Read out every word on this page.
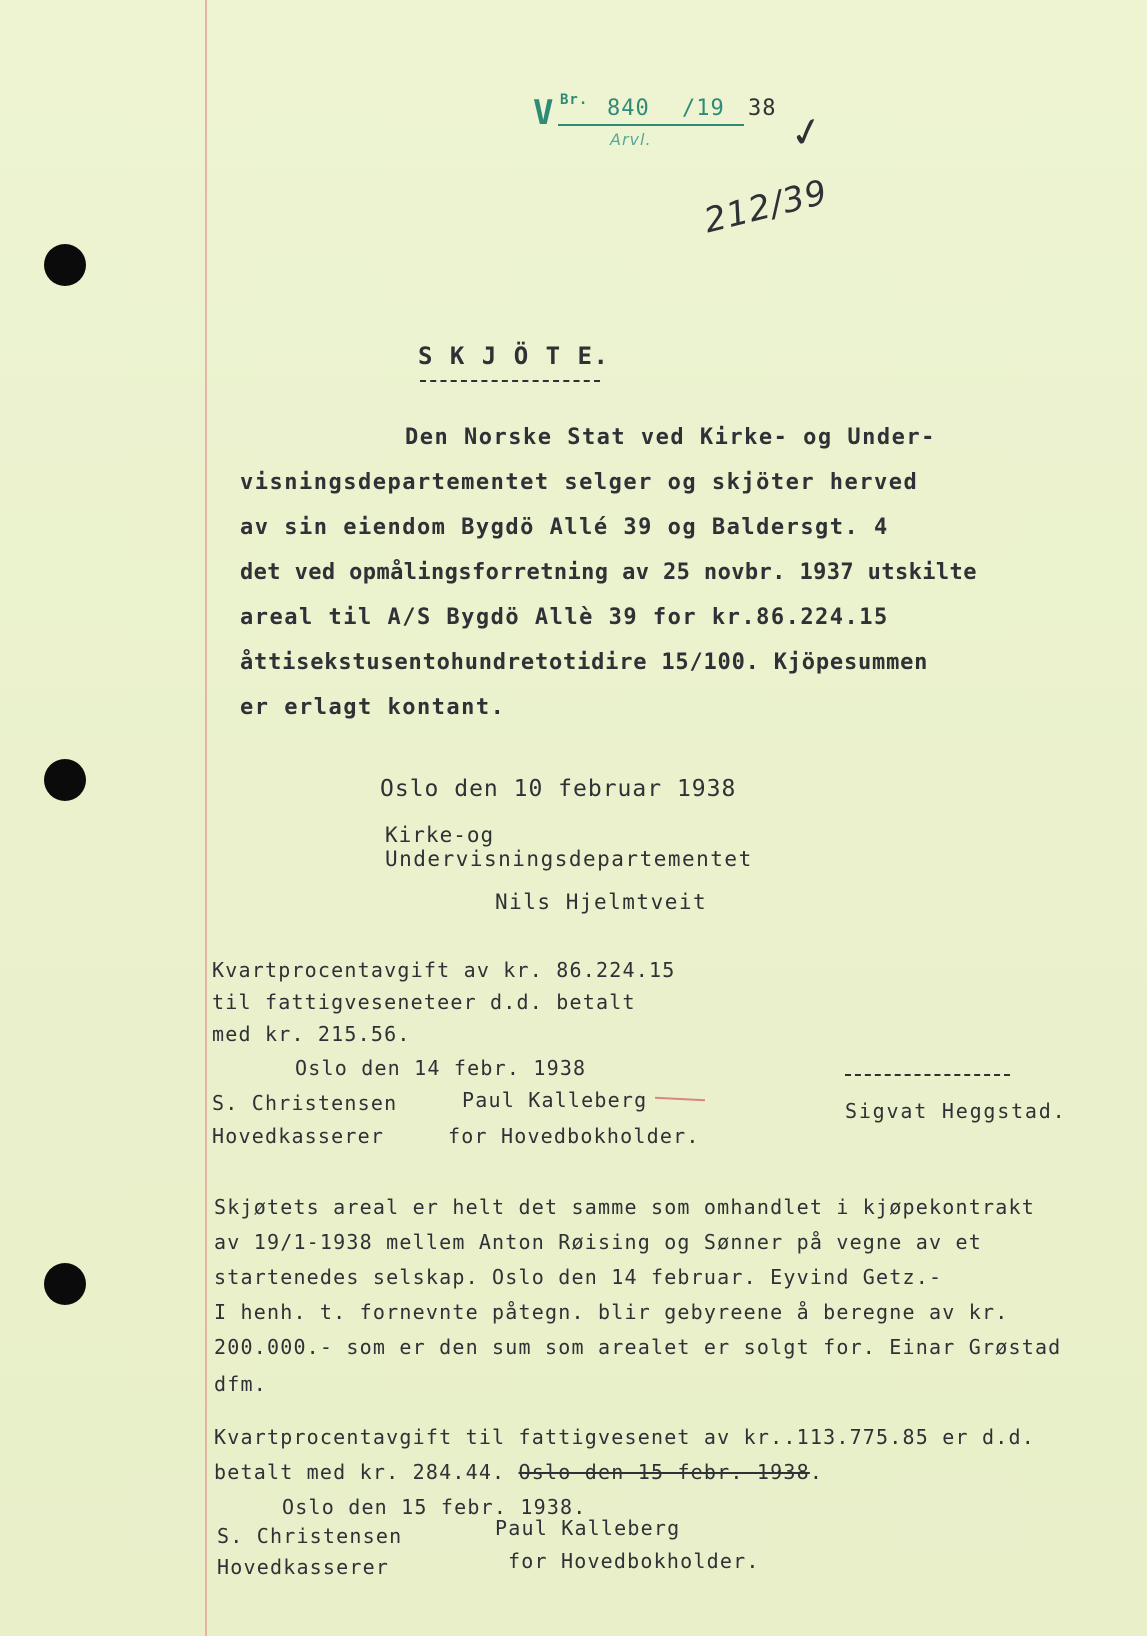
V Br. 840 /19 38
Arvl.	✓
212/39
S K J Ö T E.
Den Norske Stat ved Kirke- og Under-
visningsdepartementet selger og skjöter herved
av sin eiendom Bygdö Allé 39 og Baldersgt. 4
det ved opmålingsforretning av 25 novbr. 1937 utskilte
areal til A/S Bygdö Allè 39 for kr.86.224.15
åttisekstusentohundretotidire 15/100. Kjöpesummen
er erlagt kontant.
Oslo den 10 februar 1938
Kirke-og
Undervisningsdepartementet
Nils Hjelmtveit
Kvartprocentavgift av kr. 86.224.15
til fattigveseneteer d.d. betalt
med kr. 215.56.
Oslo den 14 febr. 1938
S. Christensen
Hovedkasserer
Paul Kalleberg
for Hovedbokholder.
Sigvat Heggstad.
Skjøtets areal er helt det samme som omhandlet i kjøpekontrakt
av 19/1-1938 mellem Anton Røising og Sønner på vegne av et
startenedes selskap. Oslo den 14 februar. Eyvind Getz.-
I henh. t. fornevnte påtegn. blir gebyreene å beregne av kr.
200.000.- som er den sum som arealet er solgt for. Einar Grøstad
dfm.
Kvartprocentavgift til fattigvesenet av kr..113.775.85 er d.d.
betalt med kr. 284.44. Oslo den 15 febr. 1938.
Oslo den 15 febr. 1938.
S. Christensen
Hovedkasserer
Paul Kalleberg
for Hovedbokholder.
